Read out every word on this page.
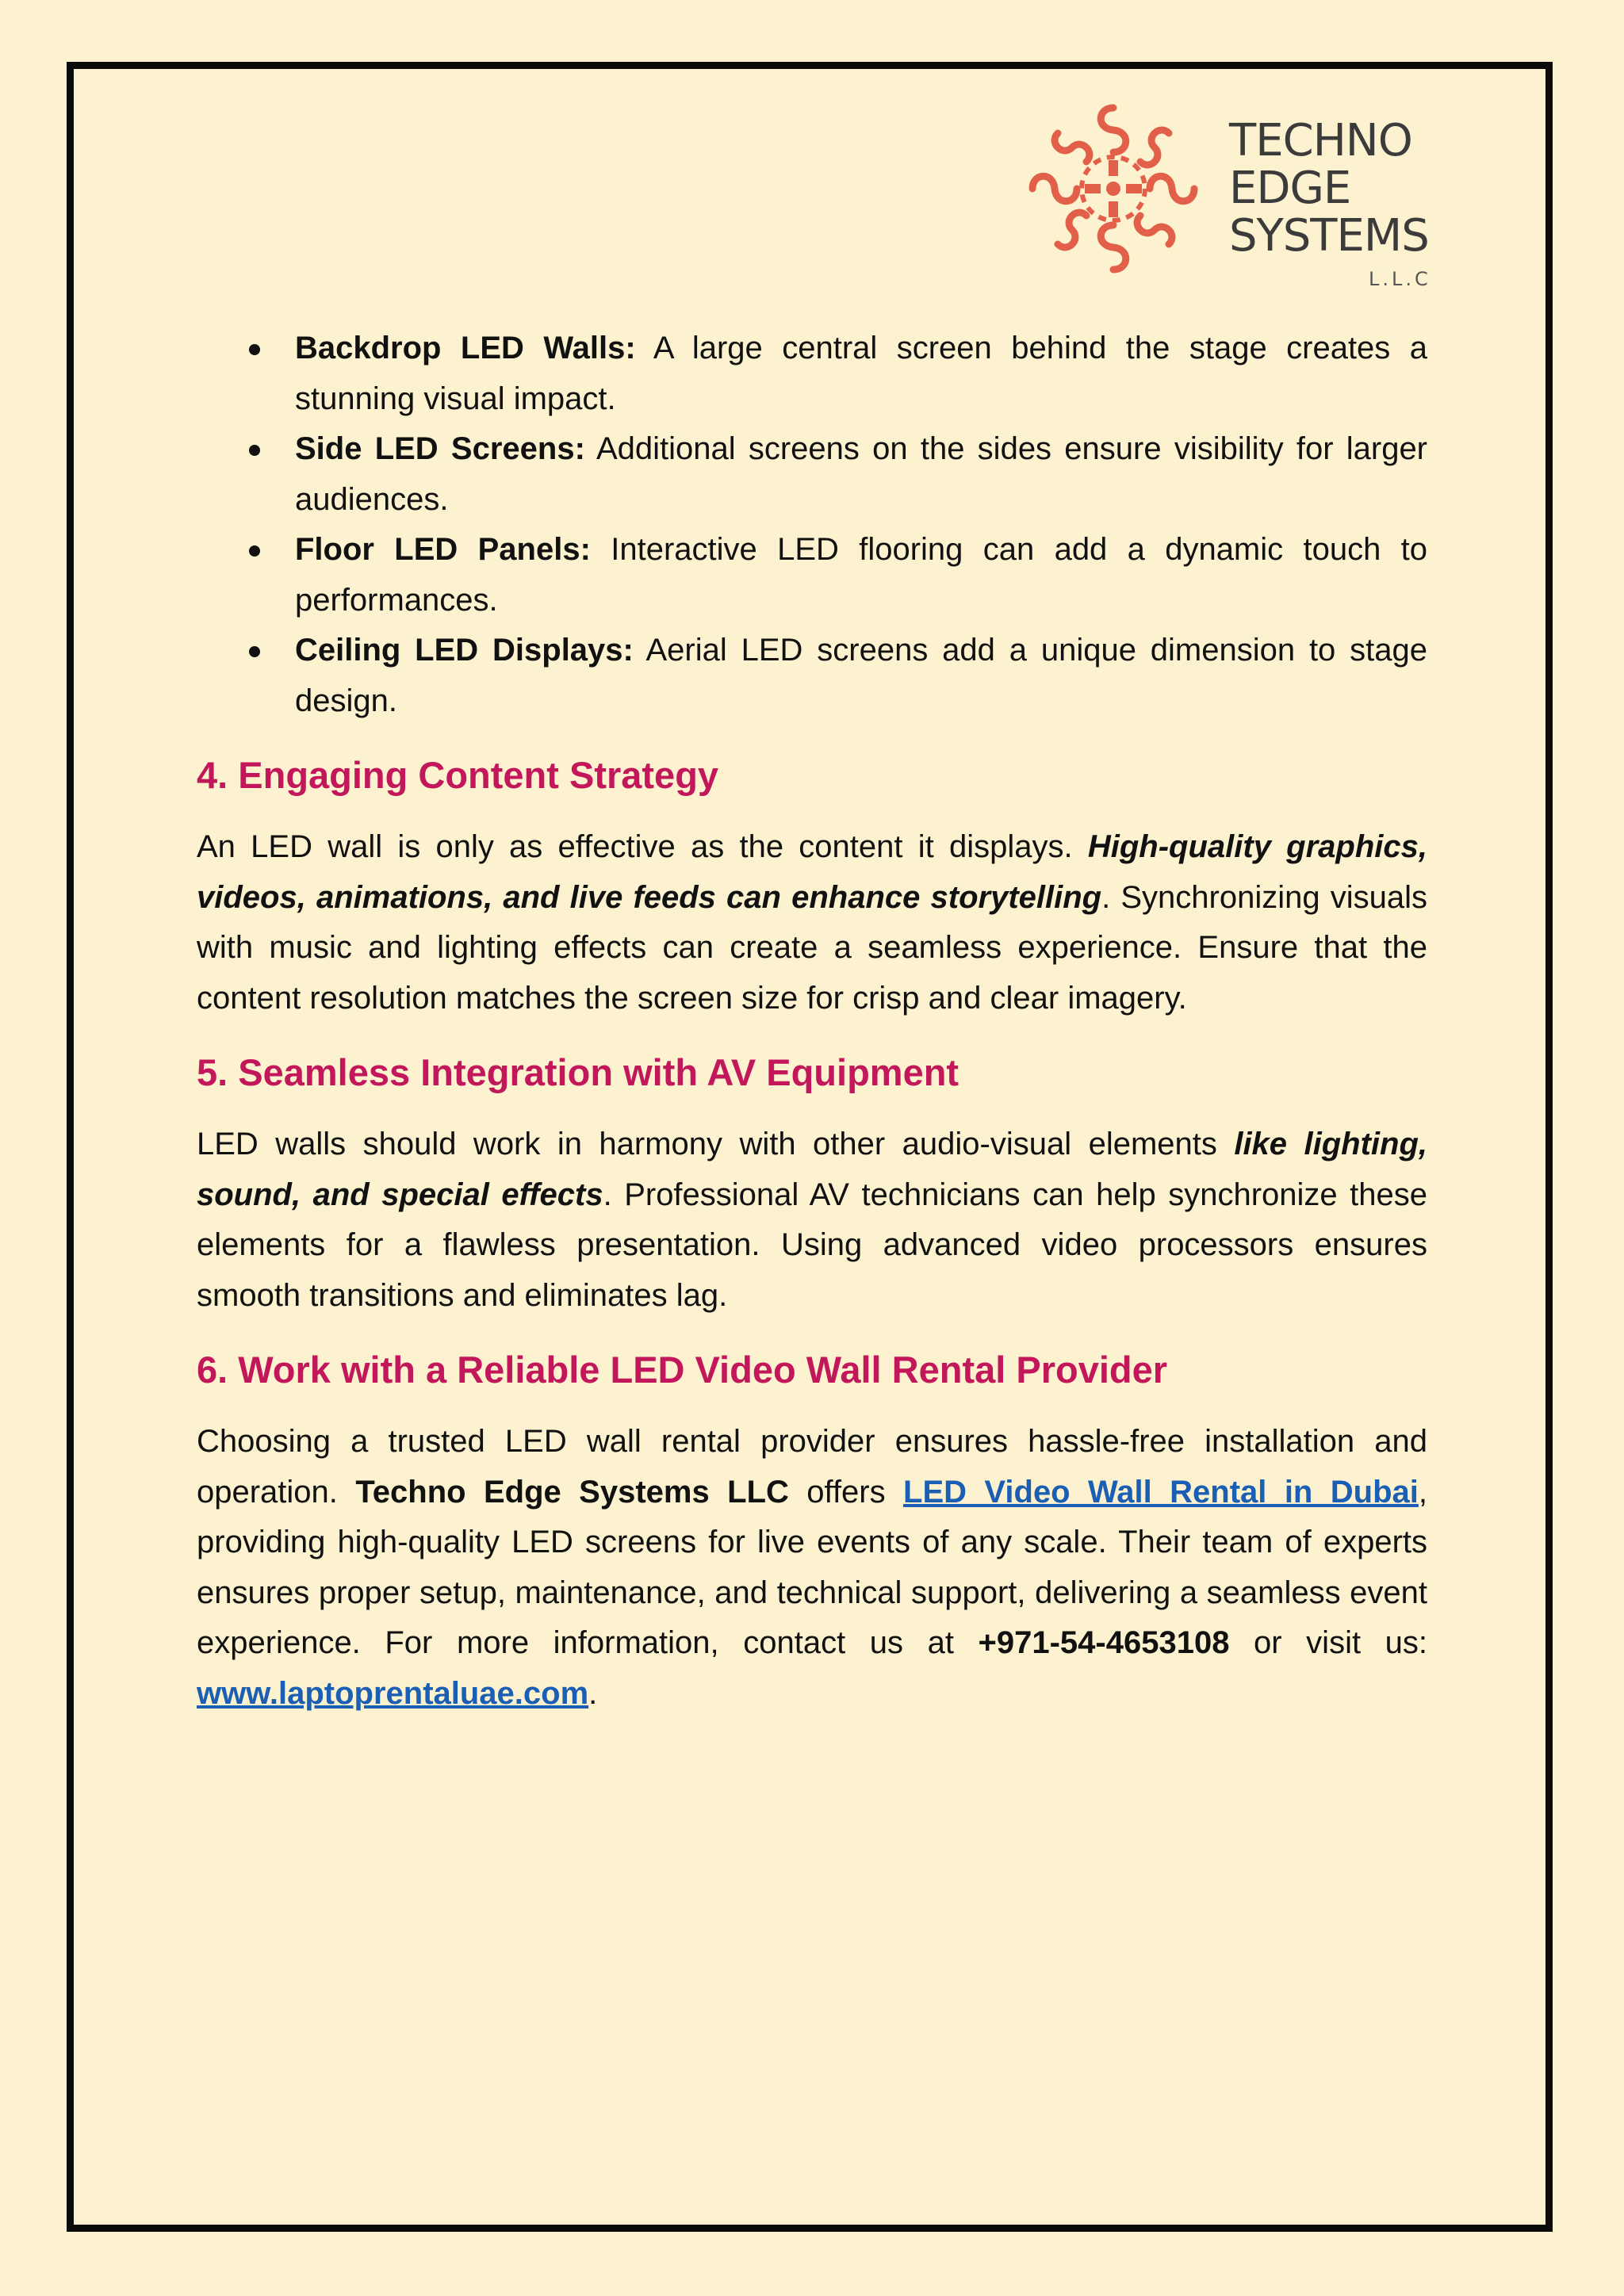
TECHNO
EDGE
SYSTEMS
L.L.C
Backdrop LED Walls: A large central screen behind the stage creates a stunning visual impact.
Side LED Screens: Additional screens on the sides ensure visibility for larger audiences.
Floor LED Panels: Interactive LED flooring can add a dynamic touch to performances.
Ceiling LED Displays: Aerial LED screens add a unique dimension to stage design.
4. Engaging Content Strategy

An LED wall is only as effective as the content it displays. High-quality graphics, videos, animations, and live feeds can enhance storytelling. Synchronizing visuals with music and lighting effects can create a seamless experience. Ensure that the content resolution matches the screen size for crisp and clear imagery.

5. Seamless Integration with AV Equipment

LED walls should work in harmony with other audio-visual elements like lighting, sound, and special effects. Professional AV technicians can help synchronize these elements for a flawless presentation. Using advanced video processors ensures smooth transitions and eliminates lag.

6. Work with a Reliable LED Video Wall Rental Provider

Choosing a trusted LED wall rental provider ensures hassle-free installation and operation. Techno Edge Systems LLC offers LED Video Wall Rental in Dubai, providing high-quality LED screens for live events of any scale. Their team of experts ensures proper setup, maintenance, and technical support, delivering a seamless event experience. For more information, contact us at +971-54-4653108 or visit us: www.laptoprentaluae.com.
